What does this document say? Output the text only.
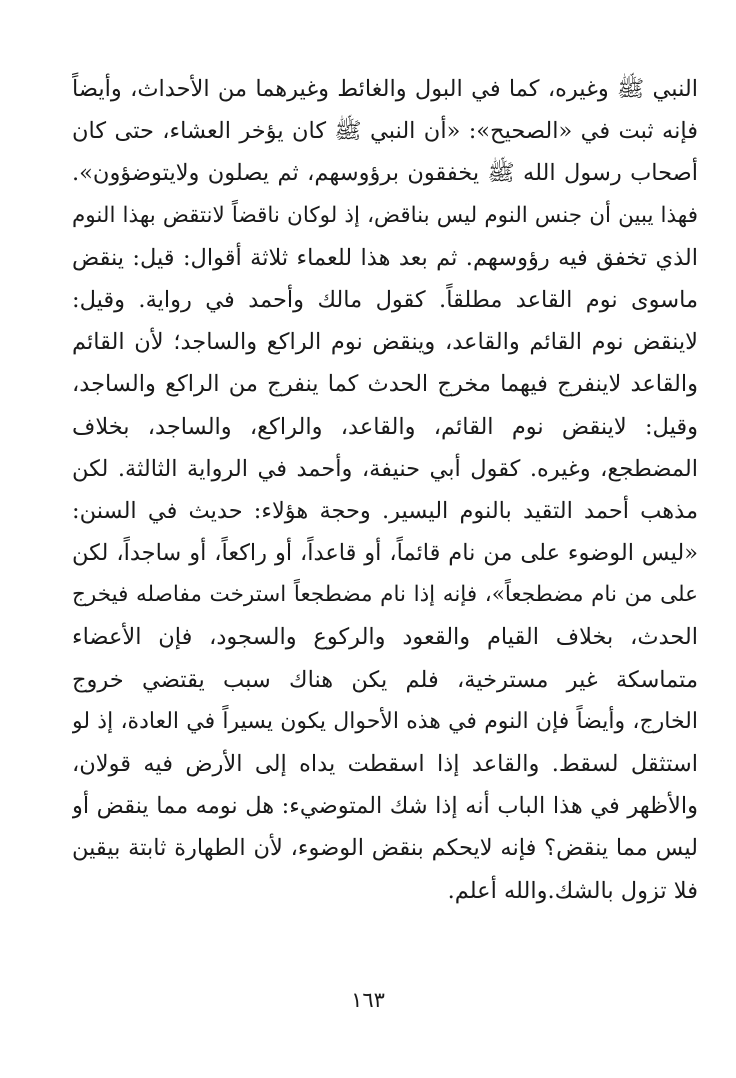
النبي ﷺ وغيره، كما في البول والغائط وغيرهما من الأحداث، وأيضاً
فإنه ثبت في «الصحيح»: «أن النبي ﷺ كان يؤخر العشاء، حتى كان
أصحاب رسول الله ﷺ يخفقون برؤوسهم، ثم يصلون ولايتوضؤون».
فهذا يبين أن جنس النوم ليس بناقض، إذ لوكان ناقضاً لانتقض بهذا النوم
الذي تخفق فيه رؤوسهم. ثم بعد هذا للعماء ثلاثة أقوال: قيل: ينقض
ماسوى نوم القاعد مطلقاً. كقول مالك وأحمد في رواية. وقيل:
لاينقض نوم القائم والقاعد، وينقض نوم الراكع والساجد؛ لأن القائم
والقاعد لاينفرج فيهما مخرج الحدث كما ينفرج من الراكع والساجد،
وقيل: لاينقض نوم القائم، والقاعد، والراكع، والساجد، بخلاف
المضطجع، وغيره. كقول أبي حنيفة، وأحمد في الرواية الثالثة. لكن
مذهب أحمد التقيد بالنوم اليسير. وحجة هؤلاء: حديث في السنن:
«ليس الوضوء على من نام قائماً، أو قاعداً، أو راكعاً، أو ساجداً، لكن
على من نام مضطجعاً»، فإنه إذا نام مضطجعاً استرخت مفاصله فيخرج
الحدث، بخلاف القيام والقعود والركوع والسجود، فإن الأعضاء
متماسكة غير مسترخية، فلم يكن هناك سبب يقتضي خروج
الخارج، وأيضاً فإن النوم في هذه الأحوال يكون يسيراً في العادة، إذ لو
استثقل لسقط. والقاعد إذا اسقطت يداه إلى الأرض فيه قولان،
والأظهر في هذا الباب أنه إذا شك المتوضيء: هل نومه مما ينقض أو
ليس مما ينقض؟ فإنه لايحكم بنقض الوضوء، لأن الطهارة ثابتة بيقين
فلا تزول بالشك.والله أعلم.
١٦٣
